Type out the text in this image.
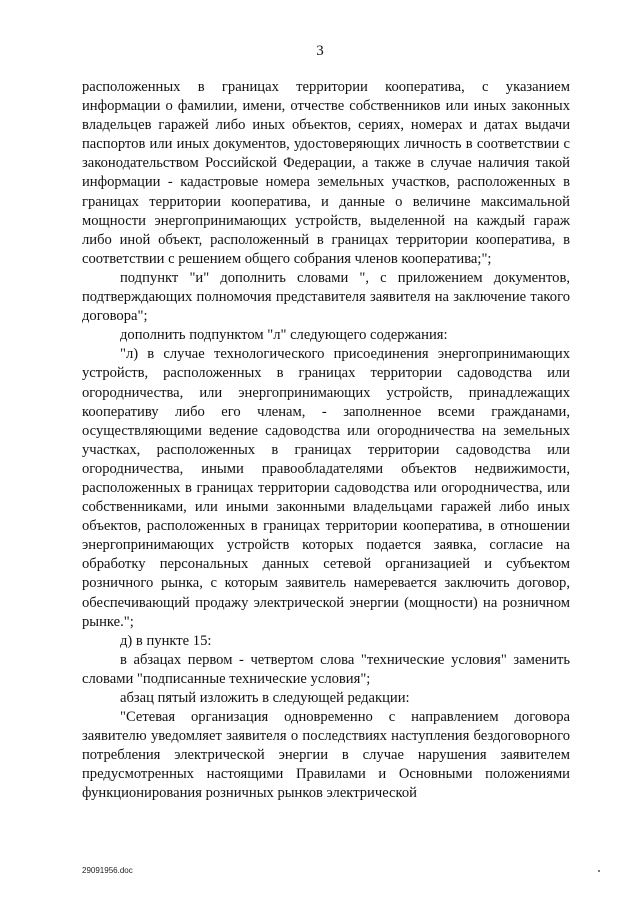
3

расположенных в границах территории кооператива, с указанием информации о фамилии, имени, отчестве собственников или иных законных владельцев гаражей либо иных объектов, сериях, номерах и датах выдачи паспортов или иных документов, удостоверяющих личность в соответствии с законодательством Российской Федерации, а также в случае наличия такой информации - кадастровые номера земельных участков, расположенных в границах территории кооператива, и данные о величине максимальной мощности энергопринимающих устройств, выделенной на каждый гараж либо иной объект, расположенный в границах территории кооператива, в соответствии с решением общего собрания членов кооператива;";

подпункт "и" дополнить словами ", с приложением документов, подтверждающих полномочия представителя заявителя на заключение такого договора";

дополнить подпунктом "л" следующего содержания:

"л) в случае технологического присоединения энергопринимающих устройств, расположенных в границах территории садоводства или огородничества, или энергопринимающих устройств, принадлежащих кооперативу либо его членам, - заполненное всеми гражданами, осуществляющими ведение садоводства или огородничества на земельных участках, расположенных в границах территории садоводства или огородничества, иными правообладателями объектов недвижимости, расположенных в границах территории садоводства или огородничества, или собственниками, или иными законными владельцами гаражей либо иных объектов, расположенных в границах территории кооператива, в отношении энергопринимающих устройств которых подается заявка, согласие на обработку персональных данных сетевой организацией и субъектом розничного рынка, с которым заявитель намеревается заключить договор, обеспечивающий продажу электрической энергии (мощности) на розничном рынке.";

д) в пункте 15:

в абзацах первом - четвертом слова "технические условия" заменить словами "подписанные технические условия";

абзац пятый изложить в следующей редакции:

"Сетевая организация одновременно с направлением договора заявителю уведомляет заявителя о последствиях наступления бездоговорного потребления электрической энергии в случае нарушения заявителем предусмотренных настоящими Правилами и Основными положениями функционирования розничных рынков электрической

29091956.doc
